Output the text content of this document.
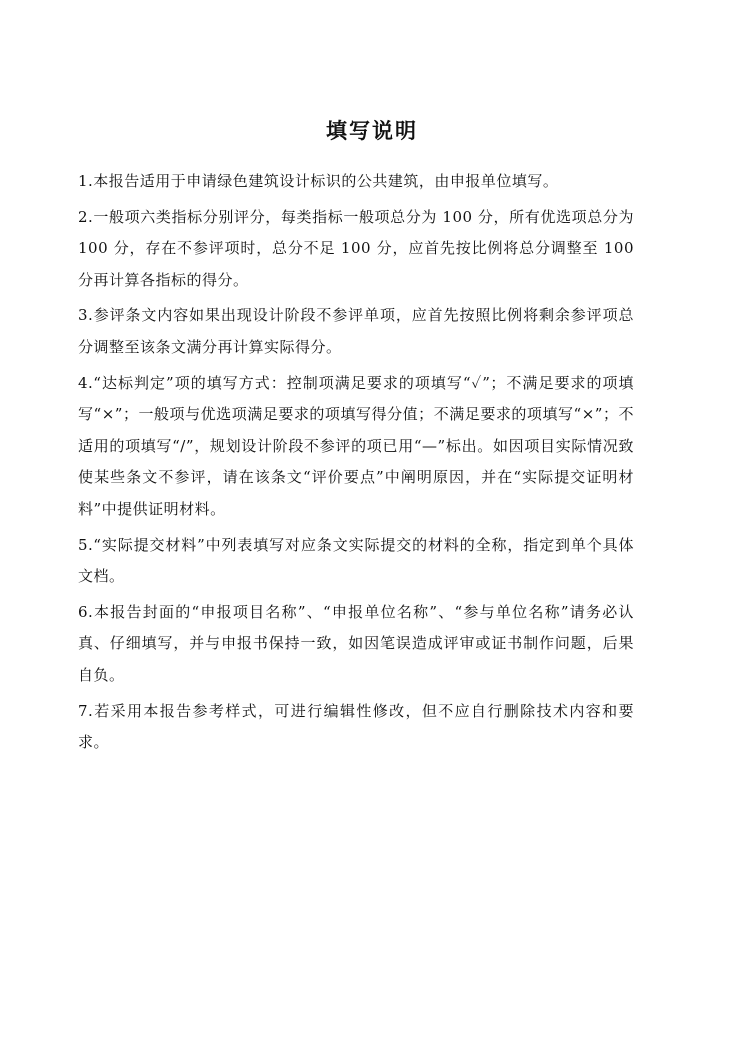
填写说明

1.本报告适用于申请绿色建筑设计标识的公共建筑，由申报单位填写。

2.一般项六类指标分别评分，每类指标一般项总分为 100 分，所有优选项总分为 100 分，存在不参评项时，总分不足 100 分，应首先按比例将总分调整至 100 分再计算各指标的得分。

3.参评条文内容如果出现设计阶段不参评单项，应首先按照比例将剩余参评项总分调整至该条文满分再计算实际得分。

4.“达标判定”项的填写方式：控制项满足要求的项填写“✓”；不满足要求的项填写“×”；一般项与优选项满足要求的项填写得分值；不满足要求的项填写“×”；不适用的项填写“/”，规划设计阶段不参评的项已用“—”标出。如因项目实际情况致使某些条文不参评，请在该条文“评价要点”中阐明原因，并在“实际提交证明材料”中提供证明材料。

5.“实际提交材料”中列表填写对应条文实际提交的材料的全称，指定到单个具体文档。

6.本报告封面的“申报项目名称”、“申报单位名称”、“参与单位名称”请务必认真、仔细填写，并与申报书保持一致，如因笔误造成评审或证书制作问题，后果自负。

7.若采用本报告参考样式，可进行编辑性修改，但不应自行删除技术内容和要求。
